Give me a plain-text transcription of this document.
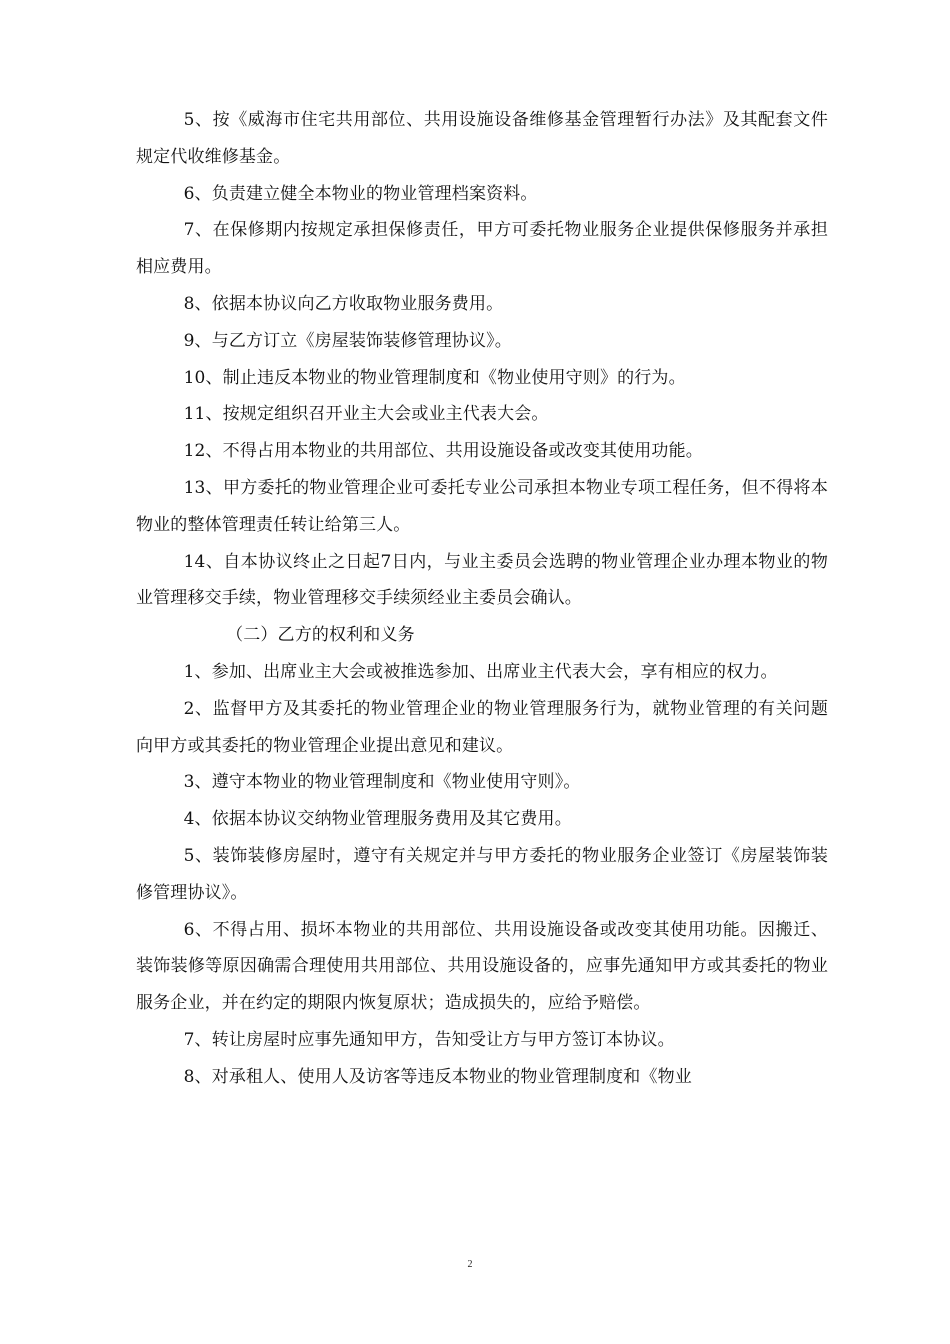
5、按《威海市住宅共用部位、共用设施设备维修基金管理暂行办法》及其配套文件规定代收维修基金。

6、负责建立健全本物业的物业管理档案资料。

7、在保修期内按规定承担保修责任，甲方可委托物业服务企业提供保修服务并承担相应费用。

8、依据本协议向乙方收取物业服务费用。

9、与乙方订立《房屋装饰装修管理协议》。

10、制止违反本物业的物业管理制度和《物业使用守则》的行为。

11、按规定组织召开业主大会或业主代表大会。

12、不得占用本物业的共用部位、共用设施设备或改变其使用功能。

13、甲方委托的物业管理企业可委托专业公司承担本物业专项工程任务，但不得将本物业的整体管理责任转让给第三人。

14、自本协议终止之日起7日内，与业主委员会选聘的物业管理企业办理本物业的物业管理移交手续，物业管理移交手续须经业主委员会确认。

（二）乙方的权利和义务

1、参加、出席业主大会或被推选参加、出席业主代表大会，享有相应的权力。

2、监督甲方及其委托的物业管理企业的物业管理服务行为，就物业管理的有关问题向甲方或其委托的物业管理企业提出意见和建议。

3、遵守本物业的物业管理制度和《物业使用守则》。

4、依据本协议交纳物业管理服务费用及其它费用。

5、装饰装修房屋时，遵守有关规定并与甲方委托的物业服务企业签订《房屋装饰装修管理协议》。

6、不得占用、损坏本物业的共用部位、共用设施设备或改变其使用功能。因搬迁、装饰装修等原因确需合理使用共用部位、共用设施设备的，应事先通知甲方或其委托的物业服务企业，并在约定的期限内恢复原状；造成损失的，应给予赔偿。

7、转让房屋时应事先通知甲方，告知受让方与甲方签订本协议。

8、对承租人、使用人及访客等违反本物业的物业管理制度和《物业

2
